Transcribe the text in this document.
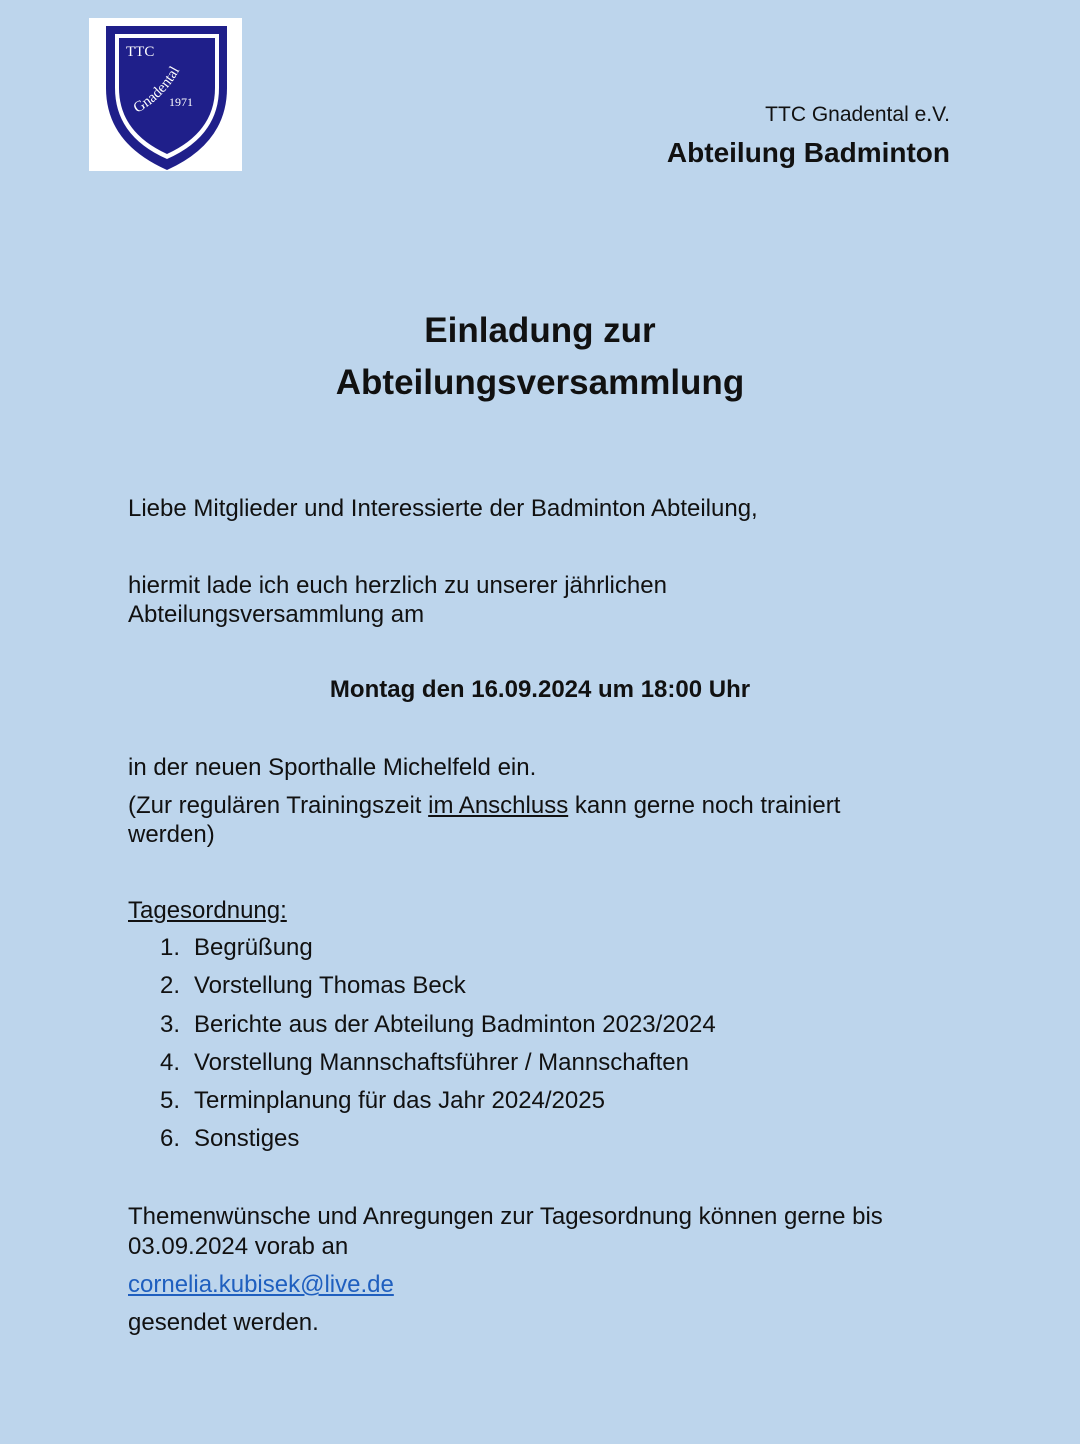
TTC
Gnadental
1971
TTC Gnadental e.V.
Abteilung Badminton
Einladung zur
Abteilungsversammlung
Liebe Mitglieder und Interessierte der Badminton Abteilung,
hiermit lade ich euch herzlich zu unserer jährlichen
Abteilungsversammlung am
Montag den 16.09.2024 um 18:00 Uhr
in der neuen Sporthalle Michelfeld ein.
(Zur regulären Trainingszeit im Anschluss kann gerne noch trainiert
werden)
Tagesordnung:
1. Begrüßung
2. Vorstellung Thomas Beck
3. Berichte aus der Abteilung Badminton 2023/2024
4. Vorstellung Mannschaftsführer / Mannschaften
5. Terminplanung für das Jahr 2024/2025
6. Sonstiges
Themenwünsche und Anregungen zur Tagesordnung können gerne bis
03.09.2024 vorab an
cornelia.kubisek@live.de
gesendet werden.
